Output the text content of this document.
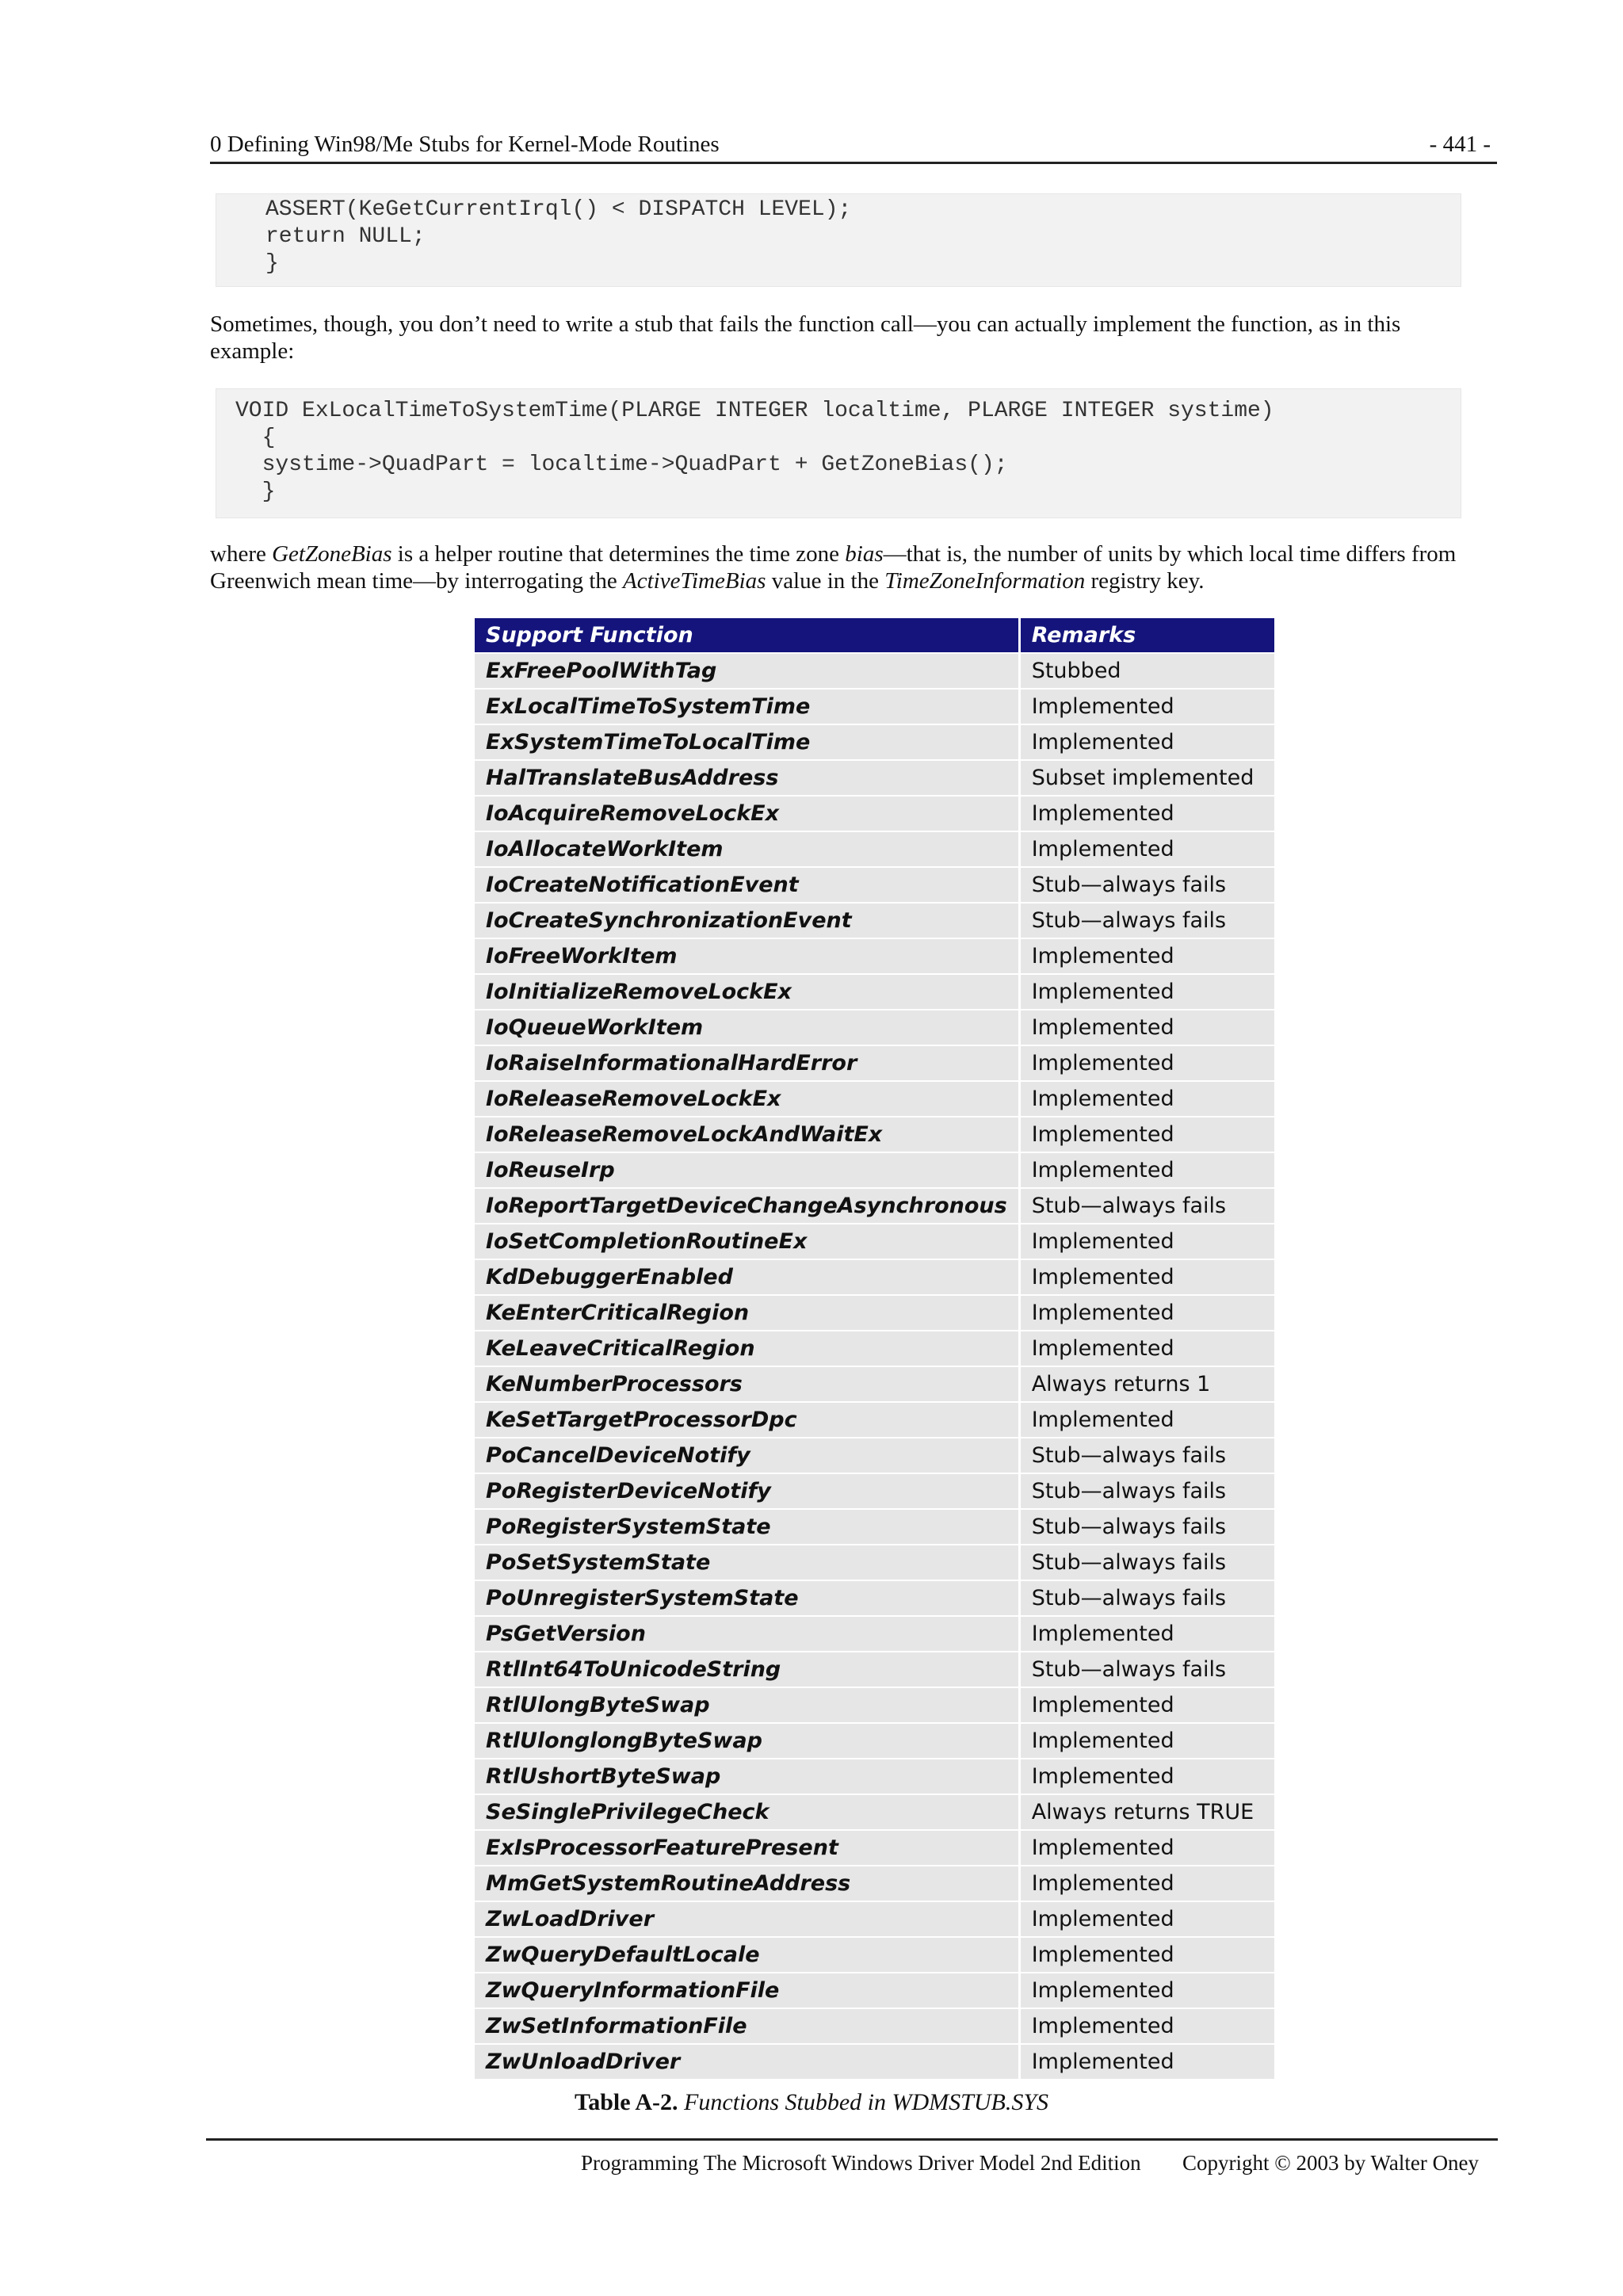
0 Defining Win98/Me Stubs for Kernel-Mode Routines	- 441 -
ASSERT(KeGetCurrentIrql() < DISPATCH LEVEL);
return NULL;
}
Sometimes, though, you don’t need to write a stub that fails the function call—you can actually implement the function, as in this example:
VOID ExLocalTimeToSystemTime(PLARGE INTEGER localtime, PLARGE INTEGER systime)
{
systime->QuadPart = localtime->QuadPart + GetZoneBias();
}
where GetZoneBias is a helper routine that determines the time zone bias—that is, the number of units by which local time differs from Greenwich mean time—by interrogating the ActiveTimeBias value in the TimeZoneInformation registry key.
Support Function	Remarks
ExFreePoolWithTag	Stubbed
ExLocalTimeToSystemTime	Implemented
ExSystemTimeToLocalTime	Implemented
HalTranslateBusAddress	Subset implemented
IoAcquireRemoveLockEx	Implemented
IoAllocateWorkItem	Implemented
IoCreateNotificationEvent	Stub—always fails
IoCreateSynchronizationEvent	Stub—always fails
IoFreeWorkItem	Implemented
IoInitializeRemoveLockEx	Implemented
IoQueueWorkItem	Implemented
IoRaiseInformationalHardError	Implemented
IoReleaseRemoveLockEx	Implemented
IoReleaseRemoveLockAndWaitEx	Implemented
IoReuseIrp	Implemented
IoReportTargetDeviceChangeAsynchronous	Stub—always fails
IoSetCompletionRoutineEx	Implemented
KdDebuggerEnabled	Implemented
KeEnterCriticalRegion	Implemented
KeLeaveCriticalRegion	Implemented
KeNumberProcessors	Always returns 1
KeSetTargetProcessorDpc	Implemented
PoCancelDeviceNotify	Stub—always fails
PoRegisterDeviceNotify	Stub—always fails
PoRegisterSystemState	Stub—always fails
PoSetSystemState	Stub—always fails
PoUnregisterSystemState	Stub—always fails
PsGetVersion	Implemented
RtlInt64ToUnicodeString	Stub—always fails
RtlUlongByteSwap	Implemented
RtlUlonglongByteSwap	Implemented
RtlUshortByteSwap	Implemented
SeSinglePrivilegeCheck	Always returns TRUE
ExIsProcessorFeaturePresent	Implemented
MmGetSystemRoutineAddress	Implemented
ZwLoadDriver	Implemented
ZwQueryDefaultLocale	Implemented
ZwQueryInformationFile	Implemented
ZwSetInformationFile	Implemented
ZwUnloadDriver	Implemented
Table A-2. Functions Stubbed in WDMSTUB.SYS
Programming The Microsoft Windows Driver Model 2nd Edition Copyright © 2003 by Walter Oney
